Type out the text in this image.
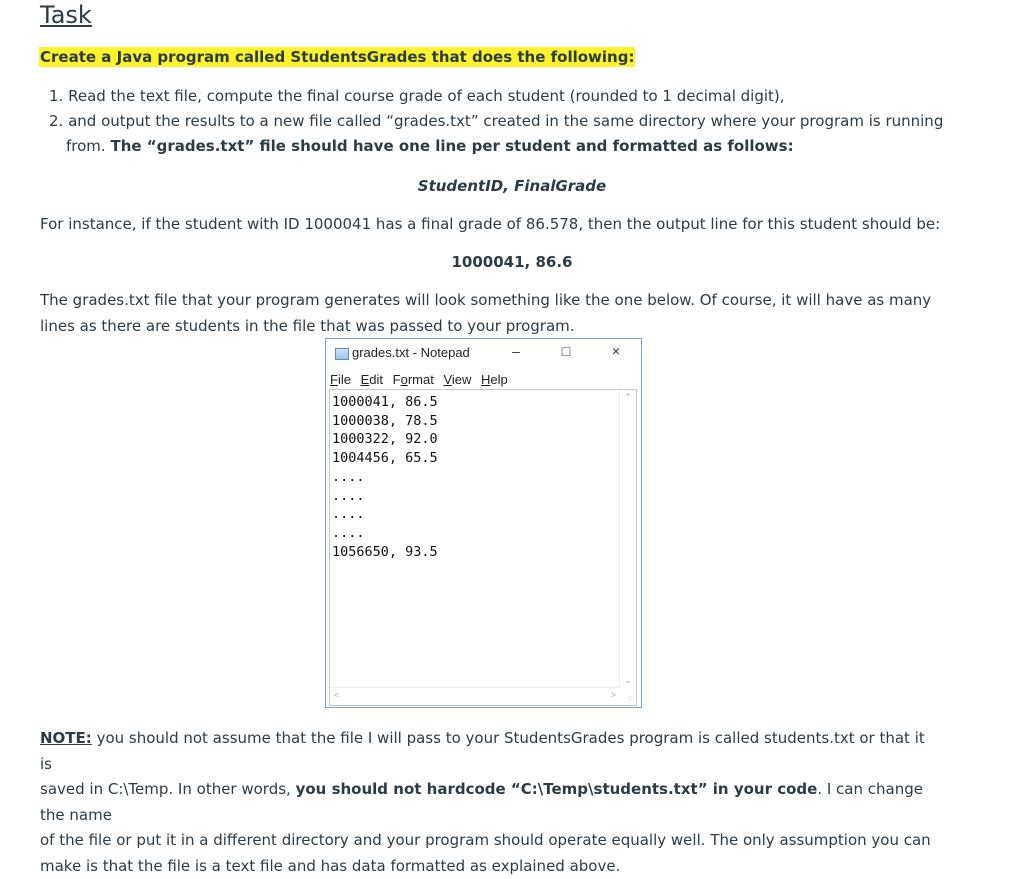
Task
Create a Java program called StudentsGrades that does the following:
1. Read the text file, compute the final course grade of each student (rounded to 1 decimal digit),
2. and output the results to a new file called “grades.txt” created in the same directory where your program is running
from. The “grades.txt” file should have one line per student and formatted as follows:
StudentID, FinalGrade
For instance, if the student with ID 1000041 has a final grade of 86.578, then the output line for this student should be:
1000041, 86.6
The grades.txt file that your program generates will look something like the one below. Of course, it will have as many
lines as there are students in the file that was passed to your program.
grades.txt - Notepad	–	□	×
File Edit Format View Help
1000041, 86.5
1000038, 78.5
1000322, 92.0
1004456, 65.5
....
....
....
....
1056650, 93.5
⌃
⌄
<	> ⁘
NOTE: you should not assume that the file I will pass to your StudentsGrades program is called students.txt or that it is
saved in C:\Temp. In other words, you should not hardcode “C:\Temp\students.txt” in your code. I can change the name
of the file or put it in a different directory and your program should operate equally well. The only assumption you can
make is that the file is a text file and has data formatted as explained above.
